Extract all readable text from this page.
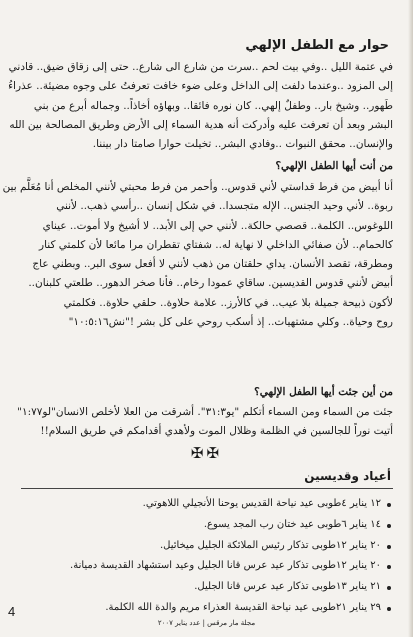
حوار مع الطفل الإلهي
في عتمة الليل ..وفي بيت لحم ..سرت من شارع الى شارع.. حتى إلى زقاق ضيق.. قادني
إلى المزود ..وعندما دلفت إلى الداخل وعلى ضوء خافت تعرفتُ على وجوه مضيئة.. عذراءُ
طَهور.. وشيخ بار.. وطفلٌ إلهي.. كان نوره فائقا.. وبهاؤه أخاذاً.. وجماله أبرع من بني
البشر وبعد أن تعرفت عليه وأدركت أنه هدية السماء إلى الأرض وطريق المصالحة بين الله
والإنسان.. محقق النبوات ..وفادي البشر.. تخيلت حوارا صامتا دار بيننا.
من أنت أيها الطفل الإلهي؟
أنا أبيض من فرط قداستي لأني قدوس.. وأحمر من فرط محبتي لأنني المخلص أنا مُعَلَّم بين
ربوة.. لأني وحيد الجنس.. الإله متجسدا.. في شكل إنسان ..رأسي ذهب.. لأنني
اللوغوس.. الكلمة.. قصصي حالكة.. لأنني حي إلى الأبد.. لا أشيخ ولا أموت.. عيناي
كالحمام.. لأن صفائي الداخلي لا نهاية له.. شفتاي تقطران مرا مائعا لأن كلمتي كنار
ومطرقة، تقصد الأنسان. يداي حلقتان من ذهب لأنني لا أفعل سوى البر.. وبطني عاج
أبيض لأنني قدوس القديسين. ساقاي عمودا رخام.. فأنا صخر الدهور.. طلعتي كلبنان..
لأكون ذبيحة جميلة بلا عيب.. في كالأرز.. علامة حلاوة.. حلقي حلاوة.. فكلمتي
روح وحياة.. وكلي مشتهيات.. إذ أسكب روحي على كل بشر !"نش١٠:٥:١٦"
من أين جئت أيها الطفل الإلهي؟
جئت من السماء ومن السماء أتكلم "يو٣١:٣". أشرقت من العلا لأخلص الانسان"لو١:٧٧"
أتيت نوراً للجالسين في الظلمة وظلال الموت ولأهدي أقدامكم في طريق السلام!!
✠✠
أعياد وقديسين
١٢ يناير ٤طوبى عيد نياحة القديس يوحنا الأنجيلي اللاهوتي.
١٤ يناير ٦طوبى عيد ختان رب المجد يسوع.
٢٠ يناير ١٢طوبى تذكار رئيس الملائكة الجليل ميخائيل.
٢٠ يناير ١٢طوبى تذكار عيد عرس قانا الجليل وعيد استشهاد القديسة دميانة.
٢١ يناير ١٣طوبى تذكار عيد عرس قانا الجليل.
٢٩ يناير ٢١طوبى عيد نياحة القديسة العذراء مريم والدة الله الكلمة.
4
مجلة مار مرقس | عدد يناير ٢٠٠٧
